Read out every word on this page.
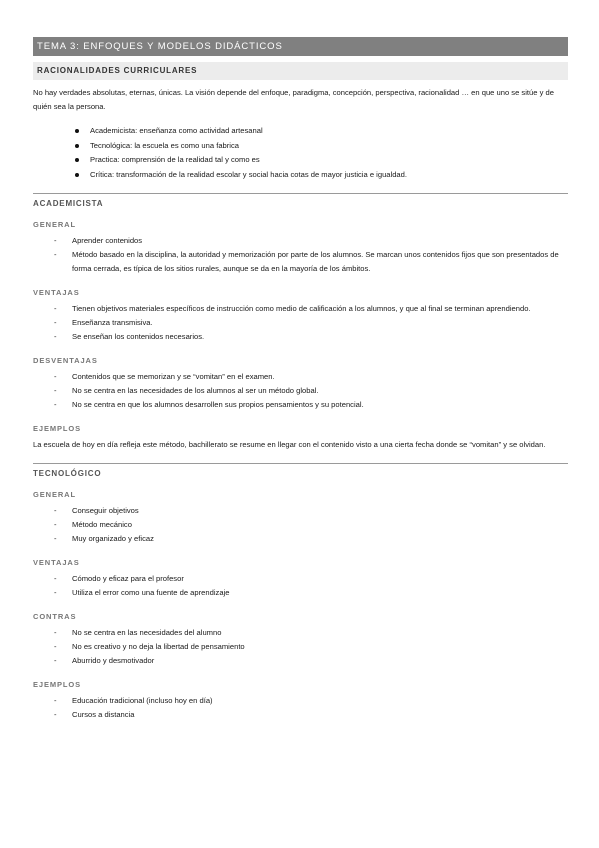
TEMA 3: ENFOQUES Y MODELOS DIDÁCTICOS
RACIONALIDADES CURRICULARES

No hay verdades absolutas, eternas, únicas. La visión depende del enfoque, paradigma, concepción, perspectiva, racionalidad … en que uno se sitúe y de quién sea la persona.

Academicista: enseñanza como actividad artesanal
Tecnológica: la escuela es como una fabrica
Practica: comprensión de la realidad tal y como es
Crítica: transformación de la realidad escolar y social hacia cotas de mayor justicia e igualdad.
ACADEMICISTA
GENERAL
- Aprender contenidos
- Método basado en la disciplina, la autoridad y memorización por parte de los alumnos. Se marcan unos contenidos fijos que son presentados de forma cerrada, es típica de los sitios rurales, aunque se da en la mayoría de los ámbitos.
VENTAJAS
- Tienen objetivos materiales específicos de instrucción como medio de calificación a los alumnos, y que al final se terminan aprendiendo.
- Enseñanza transmisiva.
- Se enseñan los contenidos necesarios.
DESVENTAJAS
- Contenidos que se memorizan y se “vomitan” en el examen.
- No se centra en las necesidades de los alumnos al ser un método global.
- No se centra en que los alumnos desarrollen sus propios pensamientos y su potencial.
EJEMPLOS

La escuela de hoy en día refleja este método, bachillerato se resume en llegar con el contenido visto a una cierta fecha donde se “vomitan” y se olvidan.

TECNOLÓGICO
GENERAL
- Conseguir objetivos
- Método mecánico
- Muy organizado y eficaz
VENTAJAS
- Cómodo y eficaz para el profesor
- Utiliza el error como una fuente de aprendizaje
CONTRAS
- No se centra en las necesidades del alumno
- No es creativo y no deja la libertad de pensamiento
- Aburrido y desmotivador
EJEMPLOS
- Educación tradicional (incluso hoy en día)
- Cursos a distancia
